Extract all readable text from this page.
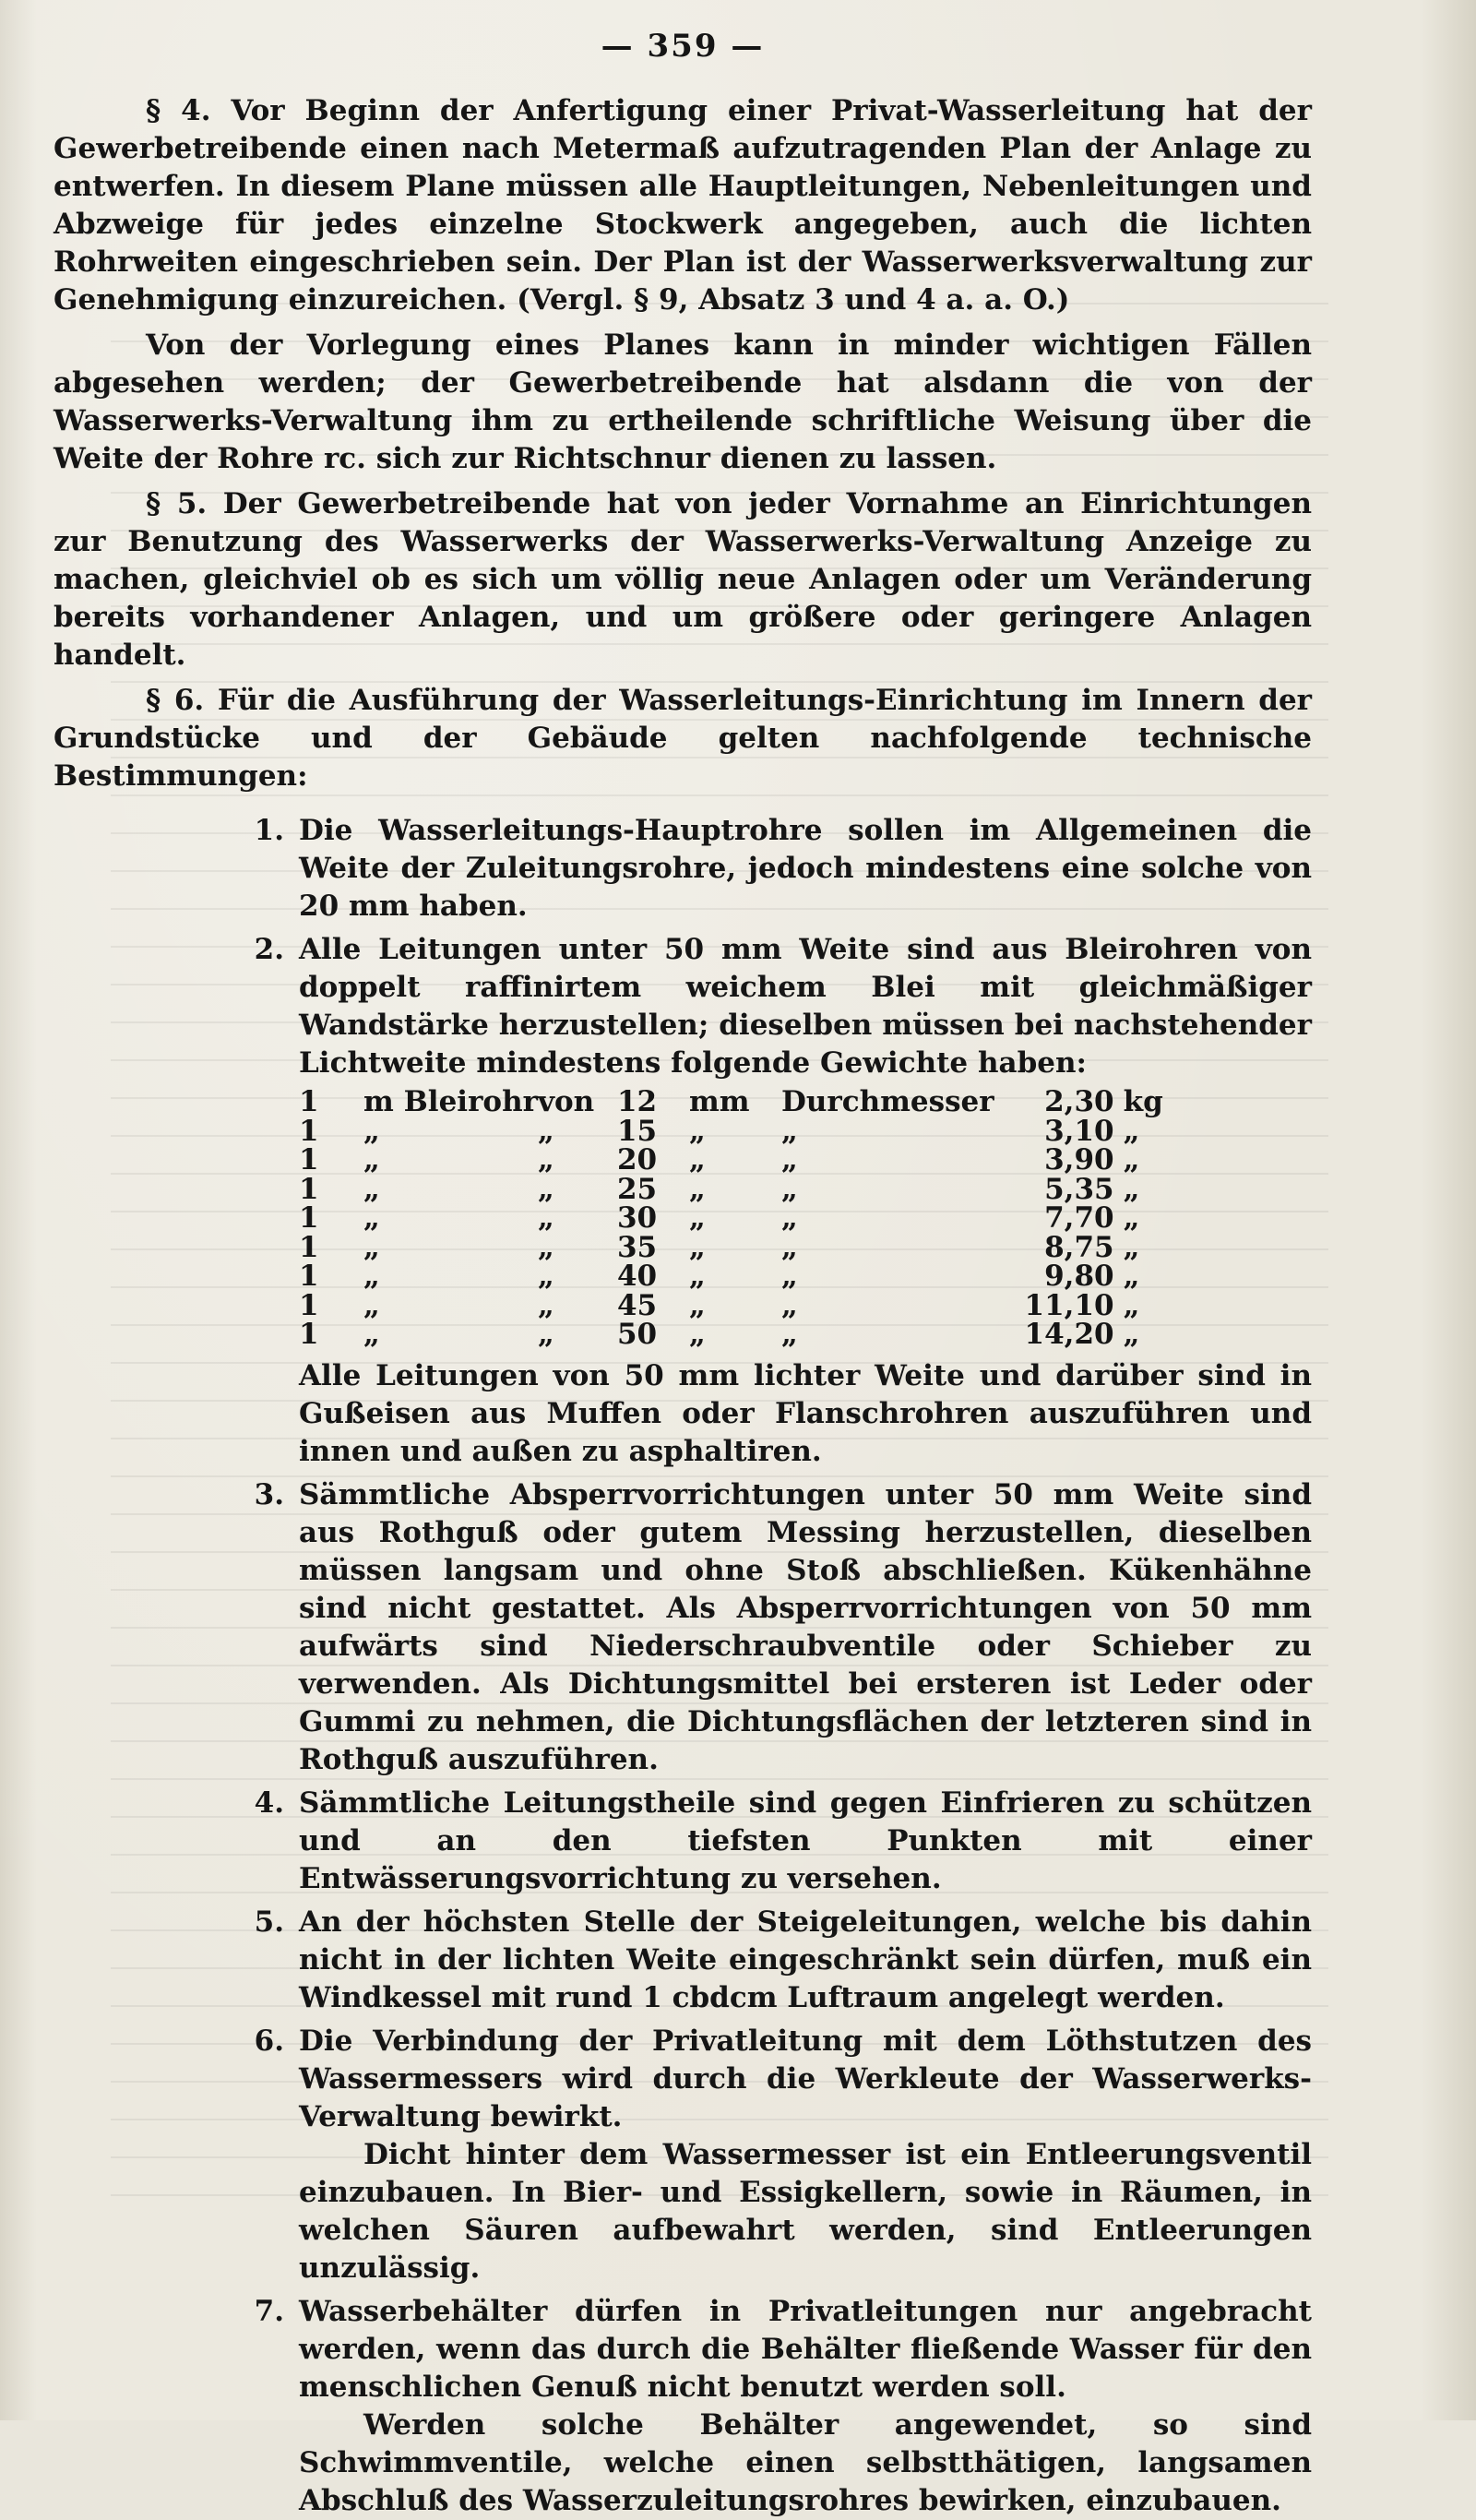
— 359 —

§ 4. Vor Beginn der Anfertigung einer Privat-Wasserleitung hat der Gewerbetreibende einen nach Metermaß aufzutragenden Plan der Anlage zu entwerfen. In diesem Plane müssen alle Hauptleitungen, Nebenleitungen und Abzweige für jedes einzelne Stockwerk angegeben, auch die lichten Rohrweiten eingeschrieben sein. Der Plan ist der Wasserwerksverwaltung zur Genehmigung einzureichen. (Vergl. § 9, Absatz 3 und 4 a. a. O.)

Von der Vorlegung eines Planes kann in minder wichtigen Fällen abgesehen werden; der Gewerbetreibende hat alsdann die von der Wasserwerks-Verwaltung ihm zu ertheilende schriftliche Weisung über die Weite der Rohre rc. sich zur Richtschnur dienen zu lassen.

§ 5. Der Gewerbetreibende hat von jeder Vornahme an Einrichtungen zur Benutzung des Wasserwerks der Wasserwerks-Verwaltung Anzeige zu machen, gleichviel ob es sich um völlig neue Anlagen oder um Veränderung bereits vorhandener Anlagen, und um größere oder geringere Anlagen handelt.

§ 6. Für die Ausführung der Wasserleitungs-Einrichtung im Innern der Grundstücke und der Gebäude gelten nachfolgende technische Bestimmungen:

1. Die Wasserleitungs-Hauptrohre sollen im Allgemeinen die Weite der Zuleitungsrohre, jedoch mindestens eine solche von 20 mm haben.

2. Alle Leitungen unter 50 mm Weite sind aus Bleirohren von doppelt raffinirtem weichem Blei mit gleichmäßiger Wandstärke herzustellen; dieselben müssen bei nachstehender Lichtweite mindestens folgende Gewichte haben:

1	m Bleirohr	von	12	mm	Durchmesser	2,30	kg
1	„	„	15	„	„	3,10	„
1	„	„	20	„	„	3,90	„
1	„	„	25	„	„	5,35	„
1	„	„	30	„	„	7,70	„
1	„	„	35	„	„	8,75	„
1	„	„	40	„	„	9,80	„
1	„	„	45	„	„	11,10	„
1	„	„	50	„	„	14,20	„

Alle Leitungen von 50 mm lichter Weite und darüber sind in Gußeisen aus Muffen oder Flanschrohren auszuführen und innen und außen zu asphaltiren.

3. Sämmtliche Absperrvorrichtungen unter 50 mm Weite sind aus Rothguß oder gutem Messing herzustellen, dieselben müssen langsam und ohne Stoß abschließen. Kükenhähne sind nicht gestattet. Als Absperrvorrichtungen von 50 mm aufwärts sind Niederschraubventile oder Schieber zu verwenden. Als Dichtungsmittel bei ersteren ist Leder oder Gummi zu nehmen, die Dichtungsflächen der letzteren sind in Rothguß auszuführen.

4. Sämmtliche Leitungstheile sind gegen Einfrieren zu schützen und an den tiefsten Punkten mit einer Entwässerungsvorrichtung zu versehen.

5. An der höchsten Stelle der Steigeleitungen, welche bis dahin nicht in der lichten Weite eingeschränkt sein dürfen, muß ein Windkessel mit rund 1 cbdcm Luftraum angelegt werden.

6. Die Verbindung der Privatleitung mit dem Löthstutzen des Wassermessers wird durch die Werkleute der Wasserwerks-Verwaltung bewirkt.

Dicht hinter dem Wassermesser ist ein Entleerungsventil einzubauen. In Bier- und Essigkellern, sowie in Räumen, in welchen Säuren aufbewahrt werden, sind Entleerungen unzulässig.

7. Wasserbehälter dürfen in Privatleitungen nur angebracht werden, wenn das durch die Behälter fließende Wasser für den menschlichen Genuß nicht benutzt werden soll.

Werden solche Behälter angewendet, so sind Schwimmventile, welche einen selbstthätigen, langsamen Abschluß des Wasserzuleitungsrohres bewirken, einzubauen.
